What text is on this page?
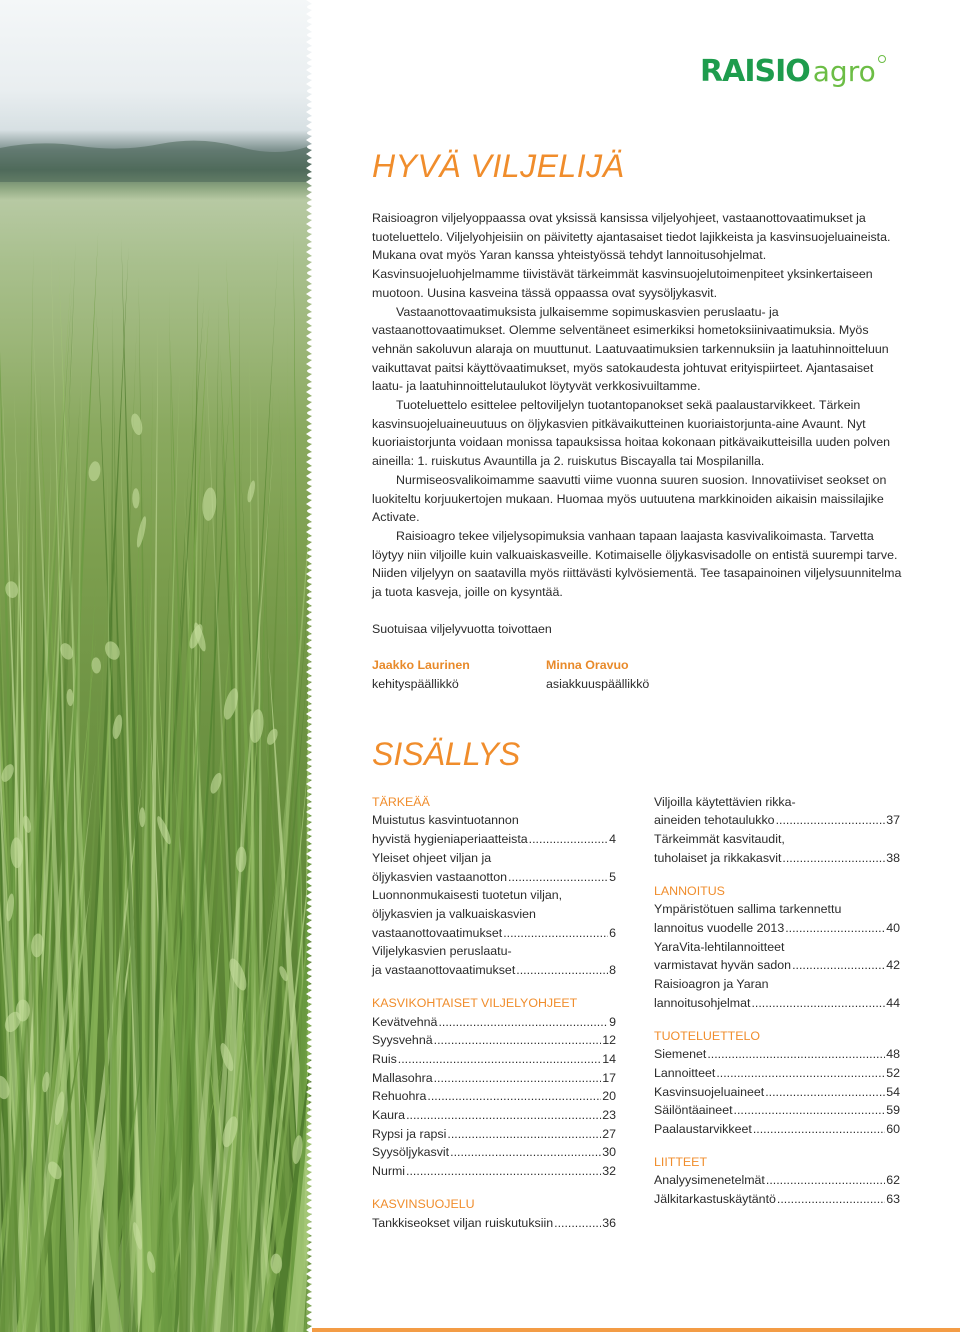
RAISIO agro
HYVÄ VILJELIJÄ

Raisioagron viljelyoppaassa ovat yksissä kansissa viljelyohjeet, vastaanottovaatimukset ja tuoteluettelo. Viljelyohjeisiin on päivitetty ajantasaiset tiedot lajikkeista ja kasvinsuojeluaineista. Mukana ovat myös Yaran kanssa yhteistyössä tehdyt lannoitusohjelmat. Kasvinsuojeluohjelmamme tiivistävät tärkeimmät kasvinsuojelutoimenpiteet yksinkertaiseen muotoon. Uusina kasveina tässä oppaassa ovat syysöljykasvit.

Vastaanottovaatimuksista julkaisemme sopimuskasvien peruslaatu- ja vastaanottovaatimukset. Olemme selventäneet esimerkiksi hometoksiinivaatimuksia. Myös vehnän sakoluvun alaraja on muuttunut. Laatuvaatimuksien tarkennuksiin ja laatuhinnoitteluun vaikuttavat paitsi käyttövaatimukset, myös satokaudesta johtuvat erityispiirteet. Ajantasaiset laatu- ja laatuhinnoittelutaulukot löytyvät verkkosivuiltamme.

Tuoteluettelo esittelee peltoviljelyn tuotantopanokset sekä paalaustarvikkeet. Tärkein kasvinsuojeluaineuutuus on öljykasvien pitkävaikutteinen kuoriaistorjunta-aine Avaunt. Nyt kuoriaistorjunta voidaan monissa tapauksissa hoitaa kokonaan pitkävaikutteisilla uuden polven aineilla: 1. ruiskutus Avauntilla ja 2. ruiskutus Biscayalla tai Mospilanilla.

Nurmiseosvalikoimamme saavutti viime vuonna suuren suosion. Innovatiiviset seokset on luokiteltu korjuukertojen mukaan. Huomaa myös uutuutena markkinoiden aikaisin maissilajike Activate.

Raisioagro tekee viljelysopimuksia vanhaan tapaan laajasta kasvivalikoimasta. Tarvetta löytyy niin viljoille kuin valkuaiskasveille. Kotimaiselle öljykasvisadolle on entistä suurempi tarve. Niiden viljelyyn on saatavilla myös riittävästi kylvösiementä. Tee tasapainoinen viljelysuunnitelma ja tuota kasveja, joille on kysyntää.

Suotuisaa viljelyvuotta toivottaen
Jaakko Laurinen
kehityspäällikkö
Minna Oravuo
asiakkuuspäällikkö
SISÄLLYS
TÄRKEÄÄ
Muistutus kasvintuotannon
hyvistä hygieniaperiaatteista .....	4
Yleiset ohjeet viljan ja
öljykasvien vastaanotton .....	5
Luonnonmukaisesti tuotetun viljan,
öljykasvien ja valkuaiskasvien
vastaanottovaatimukset .....	6
Viljelykasvien peruslaatu-
ja vastaanottovaatimukset .....	8
KASVIKOHTAISET VILJELYOHJEET
Kevätvehnä .....	9
Syysvehnä .....	12
Ruis .....	14
Mallasohra .....	17
Rehuohra .....	20
Kaura .....	23
Rypsi ja rapsi .....	27
Syysöljykasvit .....	30
Nurmi .....	32
KASVINSUOJELU
Tankkiseokset viljan ruiskutuksiin .....	36
Viljoilla käytettävien rikka-
aineiden tehotaulukko .....	37
Tärkeimmät kasvitaudit,
tuholaiset ja rikkakasvit .....	38
LANNOITUS
Ympäristötuen sallima tarkennettu
lannoitus vuodelle 2013 .....	40
YaraVita-lehtilannoitteet
varmistavat hyvän sadon .....	42
Raisioagron ja Yaran
lannoitusohjelmat .....	44
TUOTELUETTELO
Siemenet .....	48
Lannoitteet .....	52
Kasvinsuojeluaineet .....	54
Säilöntäaineet .....	59
Paalaustarvikkeet .....	60
LIITTEET
Analyysimenetelmät .....	62
Jälkitarkastuskäytäntö .....	63
